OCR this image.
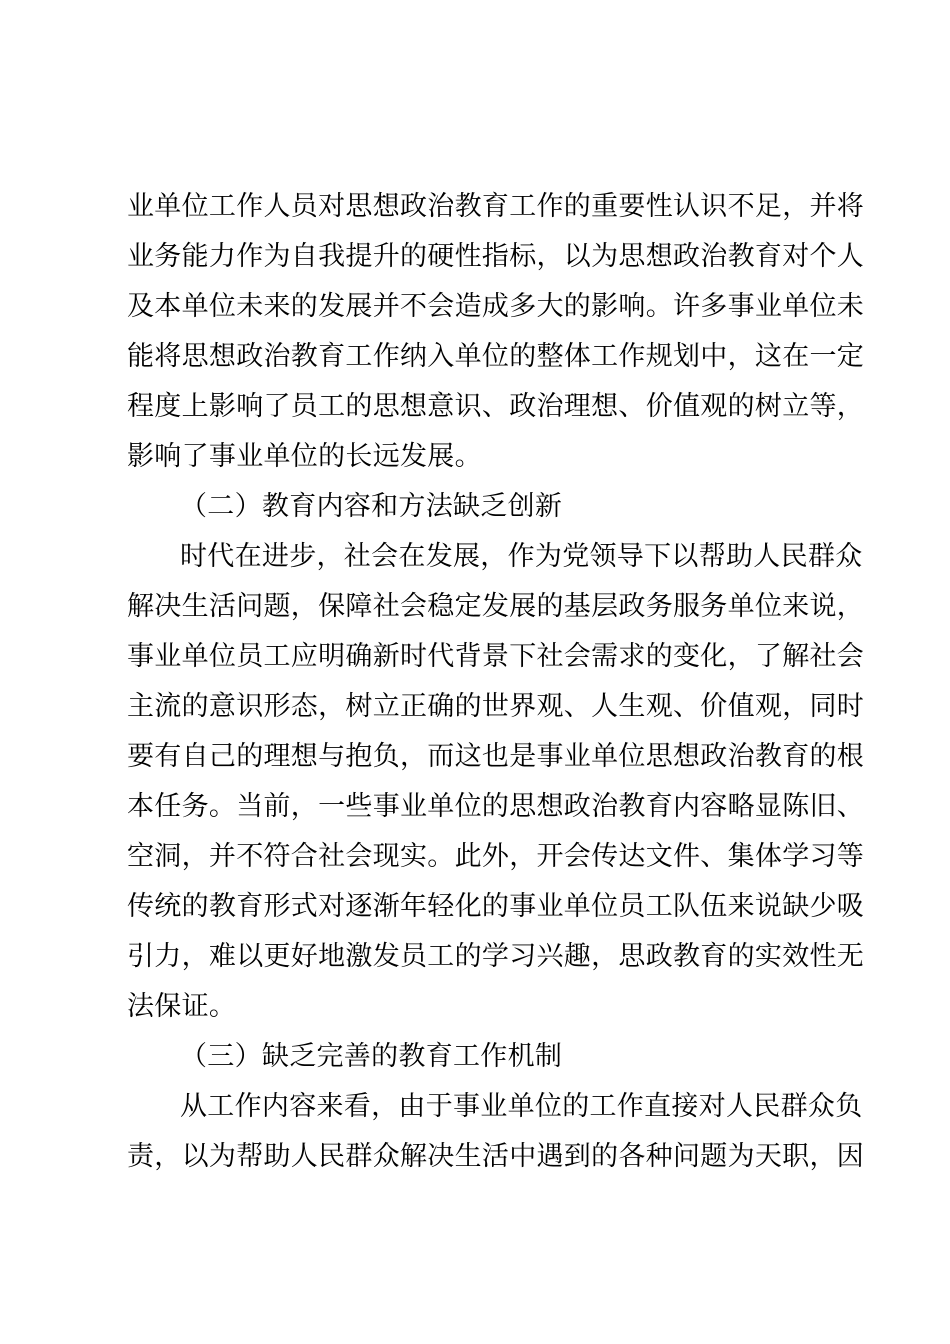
业单位工作人员对思想政治教育工作的重要性认识不足，并将
业务能力作为自我提升的硬性指标，以为思想政治教育对个人
及本单位未来的发展并不会造成多大的影响。许多事业单位未
能将思想政治教育工作纳入单位的整体工作规划中，这在一定
程度上影响了员工的思想意识、政治理想、价值观的树立等，
影响了事业单位的长远发展。
（二）教育内容和方法缺乏创新
时代在进步，社会在发展，作为党领导下以帮助人民群众
解决生活问题，保障社会稳定发展的基层政务服务单位来说，
事业单位员工应明确新时代背景下社会需求的变化，了解社会
主流的意识形态，树立正确的世界观、人生观、价值观，同时
要有自己的理想与抱负，而这也是事业单位思想政治教育的根
本任务。当前，一些事业单位的思想政治教育内容略显陈旧、
空洞，并不符合社会现实。此外，开会传达文件、集体学习等
传统的教育形式对逐渐年轻化的事业单位员工队伍来说缺少吸
引力，难以更好地激发员工的学习兴趣，思政教育的实效性无
法保证。
（三）缺乏完善的教育工作机制
从工作内容来看，由于事业单位的工作直接对人民群众负
责，以为帮助人民群众解决生活中遇到的各种问题为天职，因
